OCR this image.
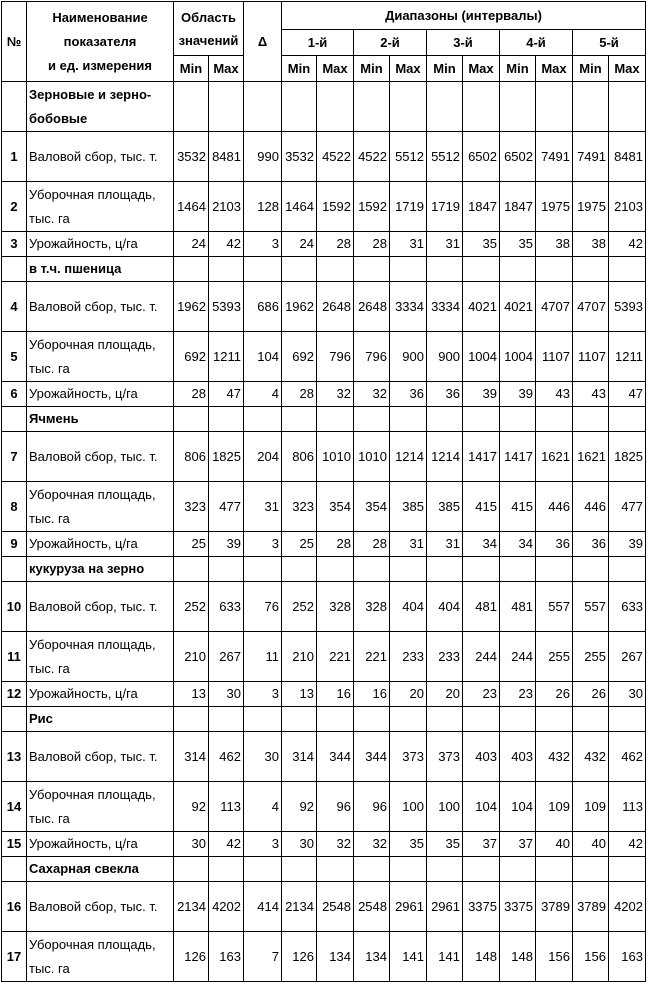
№	Наименование
показателя
и ед. измерения	Область значений		Δ	Диапазоны (интервалы)									
					1-й		2-й		3-й		4-й		5-й	
		Min	Max		Min	Max	Min	Max	Min	Max	Min	Max	Min	Max
	Зерновые и зерно-бобовые													
1	Валовой сбор, тыс. т.	3532	8481	990	3532	4522	4522	5512	5512	6502	6502	7491	7491	8481
2	Уборочная площадь, тыс. га	1464	2103	128	1464	1592	1592	1719	1719	1847	1847	1975	1975	2103
3	Урожайность, ц/га	24	42	3	24	28	28	31	31	35	35	38	38	42
	в т.ч. пшеница													
4	Валовой сбор, тыс. т.	1962	5393	686	1962	2648	2648	3334	3334	4021	4021	4707	4707	5393
5	Уборочная площадь, тыс. га	692	1211	104	692	796	796	900	900	1004	1004	1107	1107	1211
6	Урожайность, ц/га	28	47	4	28	32	32	36	36	39	39	43	43	47
	Ячмень													
7	Валовой сбор, тыс. т.	806	1825	204	806	1010	1010	1214	1214	1417	1417	1621	1621	1825
8	Уборочная площадь, тыс. га	323	477	31	323	354	354	385	385	415	415	446	446	477
9	Урожайность, ц/га	25	39	3	25	28	28	31	31	34	34	36	36	39
	кукуруза на зерно													
10	Валовой сбор, тыс. т.	252	633	76	252	328	328	404	404	481	481	557	557	633
11	Уборочная площадь, тыс. га	210	267	11	210	221	221	233	233	244	244	255	255	267
12	Урожайность, ц/га	13	30	3	13	16	16	20	20	23	23	26	26	30
	Рис													
13	Валовой сбор, тыс. т.	314	462	30	314	344	344	373	373	403	403	432	432	462
14	Уборочная площадь, тыс. га	92	113	4	92	96	96	100	100	104	104	109	109	113
15	Урожайность, ц/га	30	42	3	30	32	32	35	35	37	37	40	40	42
	Сахарная свекла													
16	Валовой сбор, тыс. т.	2134	4202	414	2134	2548	2548	2961	2961	3375	3375	3789	3789	4202
17	Уборочная площадь, тыс. га	126	163	7	126	134	134	141	141	148	148	156	156	163
